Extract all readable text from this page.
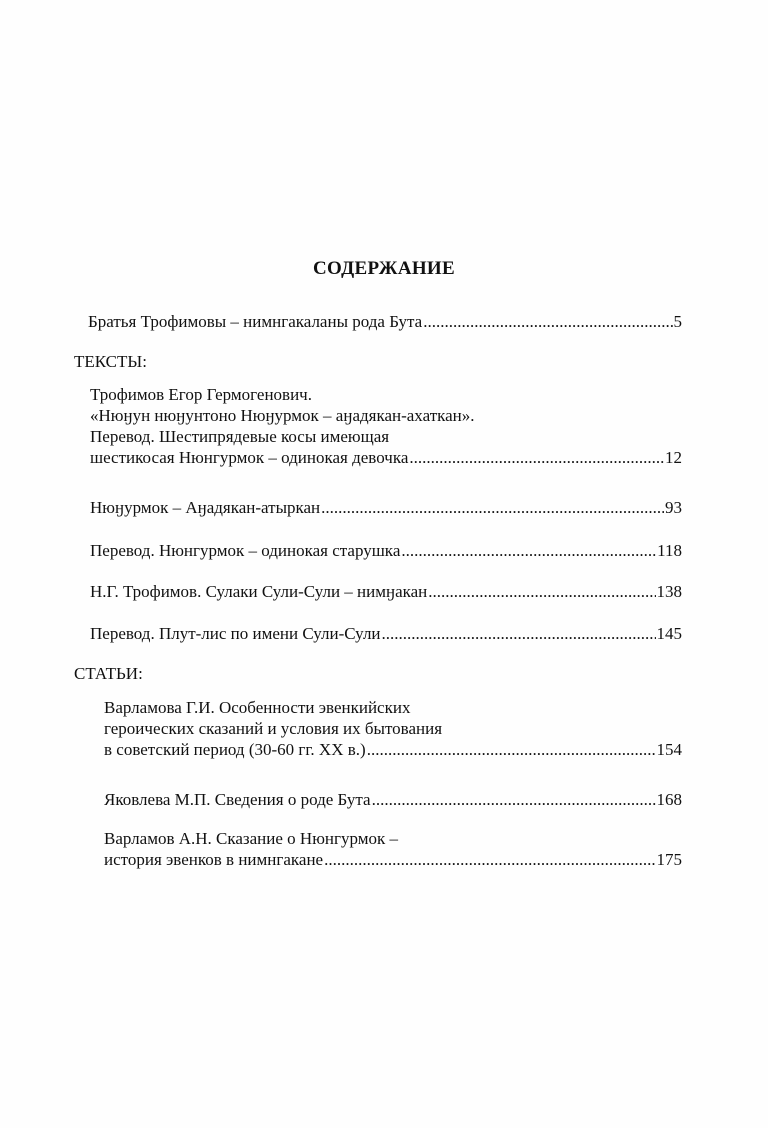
СОДЕРЖАНИЕ
Братья Трофимовы – нимнгакаланы рода Бута .....	5
ТЕКСТЫ:
Трофимов Егор Гермогенович.
«Нюӈун нюӈунтоно Нюӈурмок – аӈадякан-ахаткан».
Перевод. Шестипрядевые косы имеющая
шестикосая Нюнгурмок – одинокая девочка .....	12
Нюӈурмок – Аӈадякан-атыркан .....	93
Перевод. Нюнгурмок – одинокая старушка .....	118
Н.Г. Трофимов. Сулаки Сули-Сули – нимӈакан .....	138
Перевод. Плут-лис по имени Сули-Сули .....	145
СТАТЬИ:
Варламова Г.И. Особенности эвенкийских
героических сказаний и условия их бытования
в советский период (30-60 гг. XX в.) .....	154
Яковлева М.П. Сведения о роде Бута .....	168
Варламов А.Н. Сказание о Нюнгурмок –
история эвенков в нимнгакане .....	175
